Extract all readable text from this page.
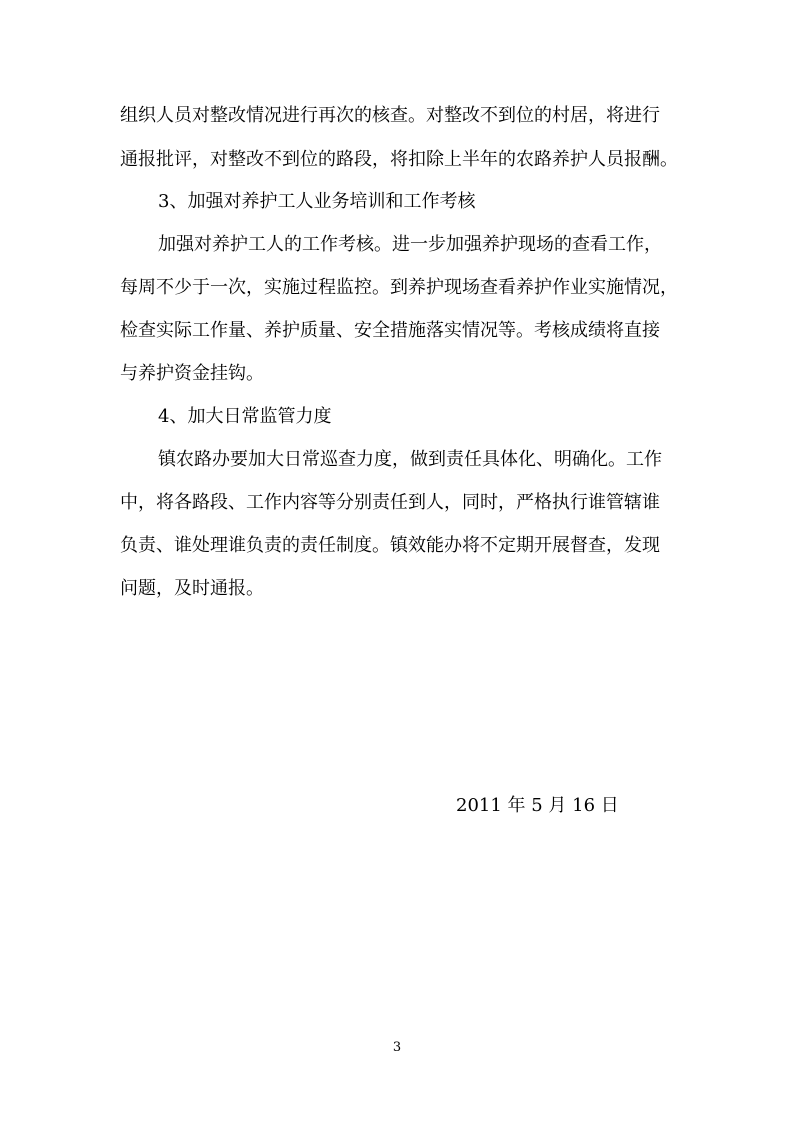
组织人员对整改情况进行再次的核查。对整改不到位的村居，将进行
通报批评，对整改不到位的路段，将扣除上半年的农路养护人员报酬。
3、加强对养护工人业务培训和工作考核
加强对养护工人的工作考核。进一步加强养护现场的查看工作，
每周不少于一次，实施过程监控。到养护现场查看养护作业实施情况，
检查实际工作量、养护质量、安全措施落实情况等。考核成绩将直接
与养护资金挂钩。
4、加大日常监管力度
镇农路办要加大日常巡查力度，做到责任具体化、明确化。工作
中，将各路段、工作内容等分别责任到人，同时，严格执行谁管辖谁
负责、谁处理谁负责的责任制度。镇效能办将不定期开展督查，发现
问题，及时通报。
2011 年 5 月 16 日
3
